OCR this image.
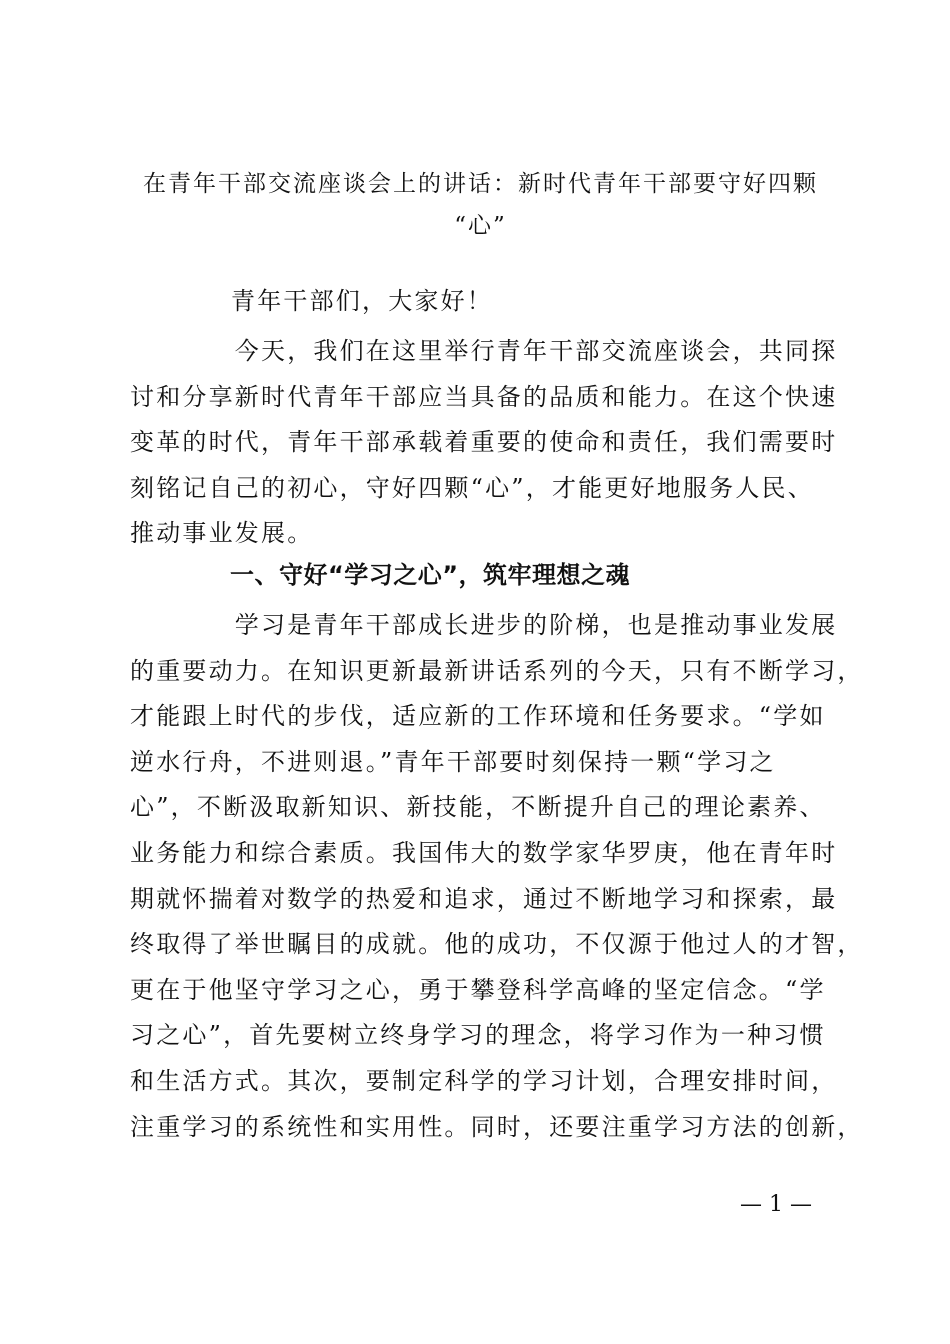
在青年干部交流座谈会上的讲话：新时代青年干部要守好四颗
“心”
青年干部们，大家好！
　　　　今天，我们在这里举行青年干部交流座谈会，共同探
讨和分享新时代青年干部应当具备的品质和能力。在这个快速
变革的时代，青年干部承载着重要的使命和责任，我们需要时
刻铭记自己的初心，守好四颗“心”，才能更好地服务人民、
推动事业发展。
一、守好“学习之心”，筑牢理想之魂
　　　　学习是青年干部成长进步的阶梯，也是推动事业发展
的重要动力。在知识更新最新讲话系列的今天，只有不断学习，
才能跟上时代的步伐，适应新的工作环境和任务要求。“学如
逆水行舟，不进则退。”青年干部要时刻保持一颗“学习之
心”，不断汲取新知识、新技能，不断提升自己的理论素养、
业务能力和综合素质。我国伟大的数学家华罗庚，他在青年时
期就怀揣着对数学的热爱和追求，通过不断地学习和探索，最
终取得了举世瞩目的成就。他的成功，不仅源于他过人的才智，
更在于他坚守学习之心，勇于攀登科学高峰的坚定信念。“学
习之心”，首先要树立终身学习的理念，将学习作为一种习惯
和生活方式。其次，要制定科学的学习计划，合理安排时间，
注重学习的系统性和实用性。同时，还要注重学习方法的创新，
— 1 —
